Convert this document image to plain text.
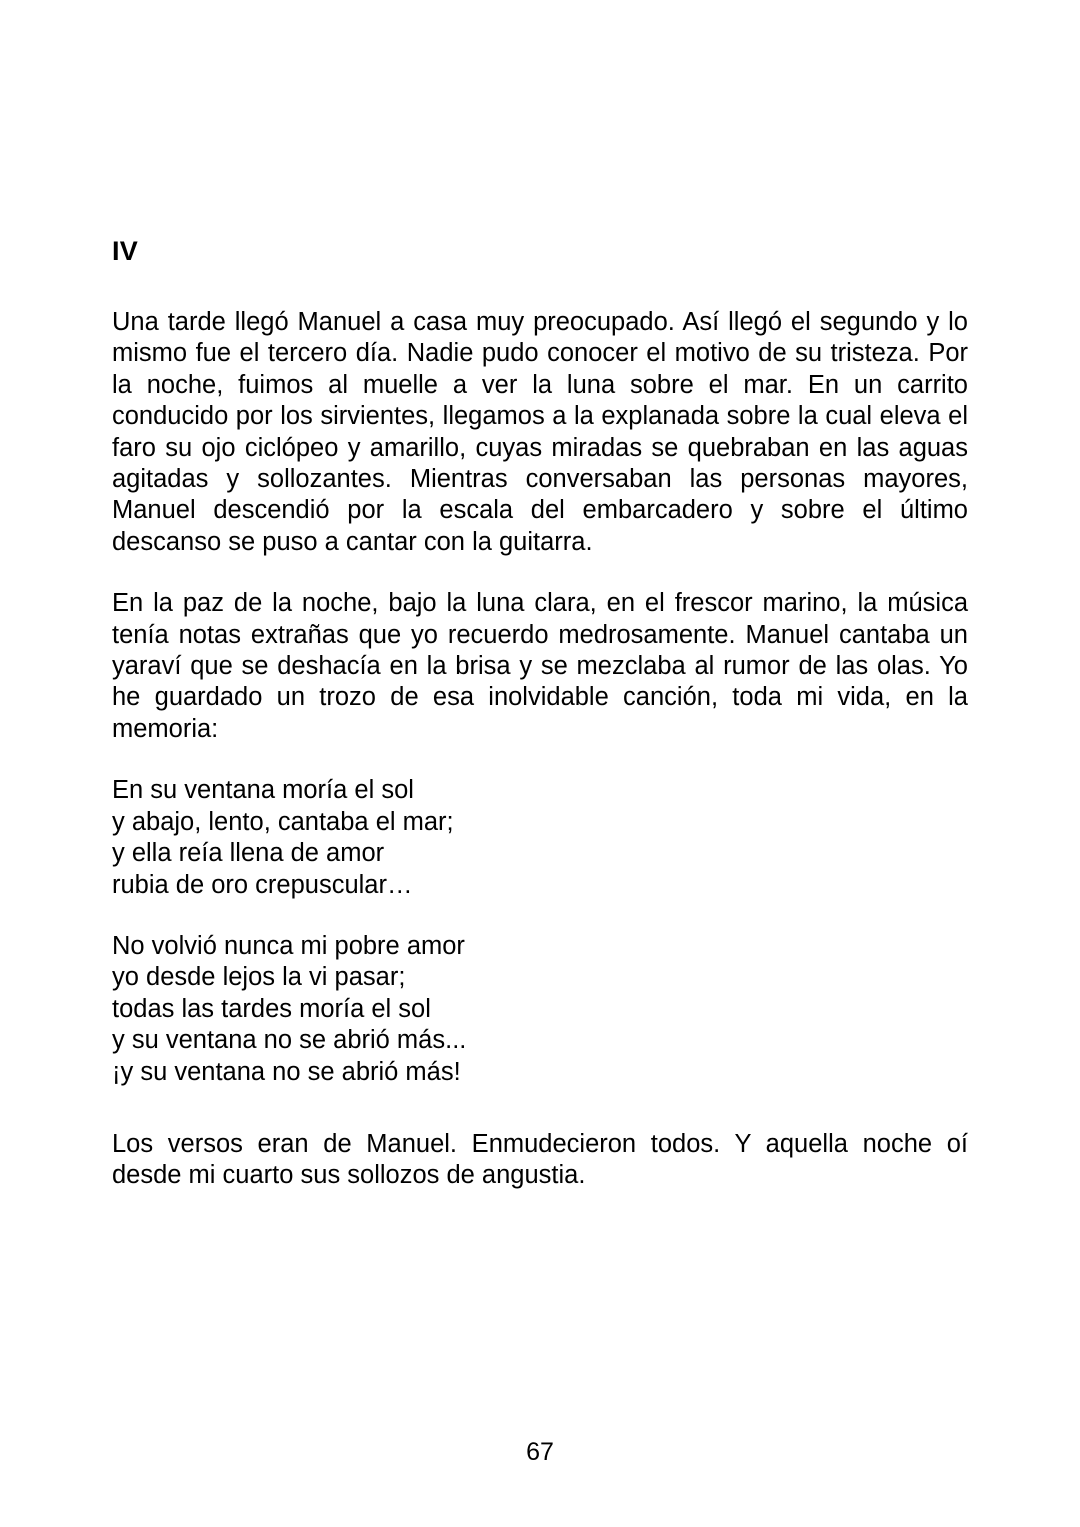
IV

Una tarde llegó Manuel a casa muy preocupado. Así llegó el segundo y lo mismo fue el tercero día. Nadie pudo conocer el motivo de su tristeza. Por la noche, fuimos al muelle a ver la luna sobre el mar. En un carrito conducido por los sirvientes, llegamos a la explanada sobre la cual eleva el faro su ojo ciclópeo y amarillo, cuyas miradas se quebraban en las aguas agitadas y sollozantes. Mientras conversaban las personas mayores, Manuel descendió por la escala del embarcadero y sobre el último descanso se puso a cantar con la guitarra.

En la paz de la noche, bajo la luna clara, en el frescor marino, la música tenía notas extrañas que yo recuerdo medrosamente. Manuel cantaba un yaraví que se deshacía en la brisa y se mezclaba al rumor de las olas. Yo he guardado un trozo de esa inolvidable canción, toda mi vida, en la memoria:

En su ventana moría el sol
y abajo, lento, cantaba el mar;
y ella reía llena de amor
rubia de oro crepuscular…
No volvió nunca mi pobre amor
yo desde lejos la vi pasar;
todas las tardes moría el sol
y su ventana no se abrió más...
¡y su ventana no se abrió más!

Los versos eran de Manuel. Enmudecieron todos. Y aquella noche oí desde mi cuarto sus sollozos de angustia.

67
